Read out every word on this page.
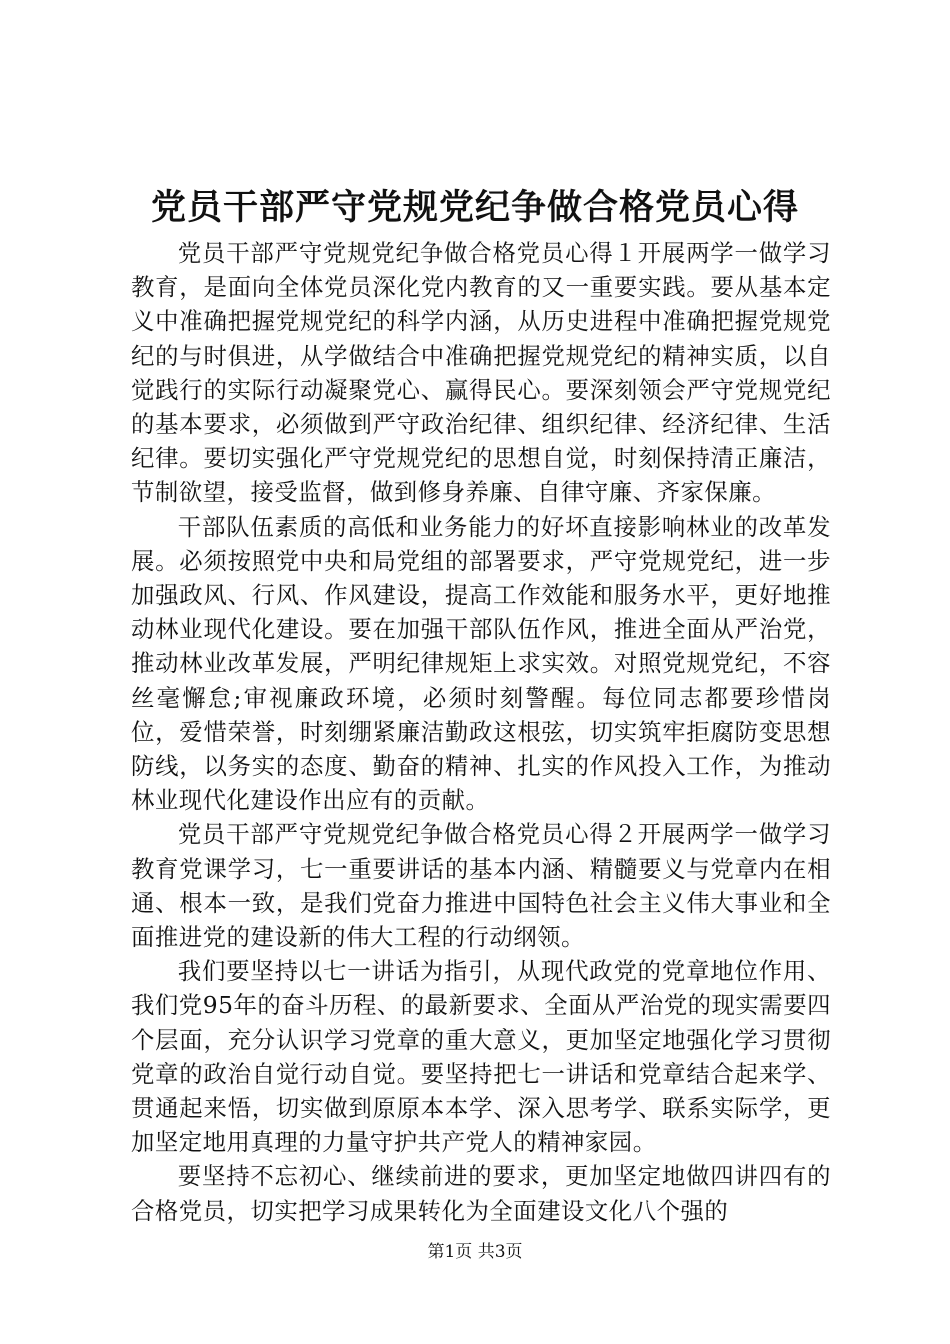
党员干部严守党规党纪争做合格党员心得

党员干部严守党规党纪争做合格党员心得１开展两学一做学习教育，是面向全体党员深化党内教育的又一重要实践。要从基本定义中准确把握党规党纪的科学内涵，从历史进程中准确把握党规党纪的与时俱进，从学做结合中准确把握党规党纪的精神实质，以自觉践行的实际行动凝聚党心、赢得民心。要深刻领会严守党规党纪的基本要求，必须做到严守政治纪律、组织纪律、经济纪律、生活纪律。要切实强化严守党规党纪的思想自觉，时刻保持清正廉洁，节制欲望，接受监督，做到修身养廉、自律守廉、齐家保廉。

干部队伍素质的高低和业务能力的好坏直接影响林业的改革发展。必须按照党中央和局党组的部署要求，严守党规党纪，进一步加强政风、行风、作风建设，提高工作效能和服务水平，更好地推动林业现代化建设。要在加强干部队伍作风，推进全面从严治党，推动林业改革发展，严明纪律规矩上求实效。对照党规党纪，不容丝毫懈怠;审视廉政环境，必须时刻警醒。每位同志都要珍惜岗位，爱惜荣誉，时刻绷紧廉洁勤政这根弦，切实筑牢拒腐防变思想防线，以务实的态度、勤奋的精神、扎实的作风投入工作，为推动林业现代化建设作出应有的贡献。

党员干部严守党规党纪争做合格党员心得２开展两学一做学习教育党课学习，七一重要讲话的基本内涵、精髓要义与党章内在相通、根本一致，是我们党奋力推进中国特色社会主义伟大事业和全面推进党的建设新的伟大工程的行动纲领。

我们要坚持以七一讲话为指引，从现代政党的党章地位作用、我们党95年的奋斗历程、的最新要求、全面从严治党的现实需要四个层面，充分认识学习党章的重大意义，更加坚定地强化学习贯彻党章的政治自觉行动自觉。要坚持把七一讲话和党章结合起来学、贯通起来悟，切实做到原原本本学、深入思考学、联系实际学，更加坚定地用真理的力量守护共产党人的精神家园。

要坚持不忘初心、继续前进的要求，更加坚定地做四讲四有的合格党员，切实把学习成果转化为全面建设文化八个强的

第1页 共3页
